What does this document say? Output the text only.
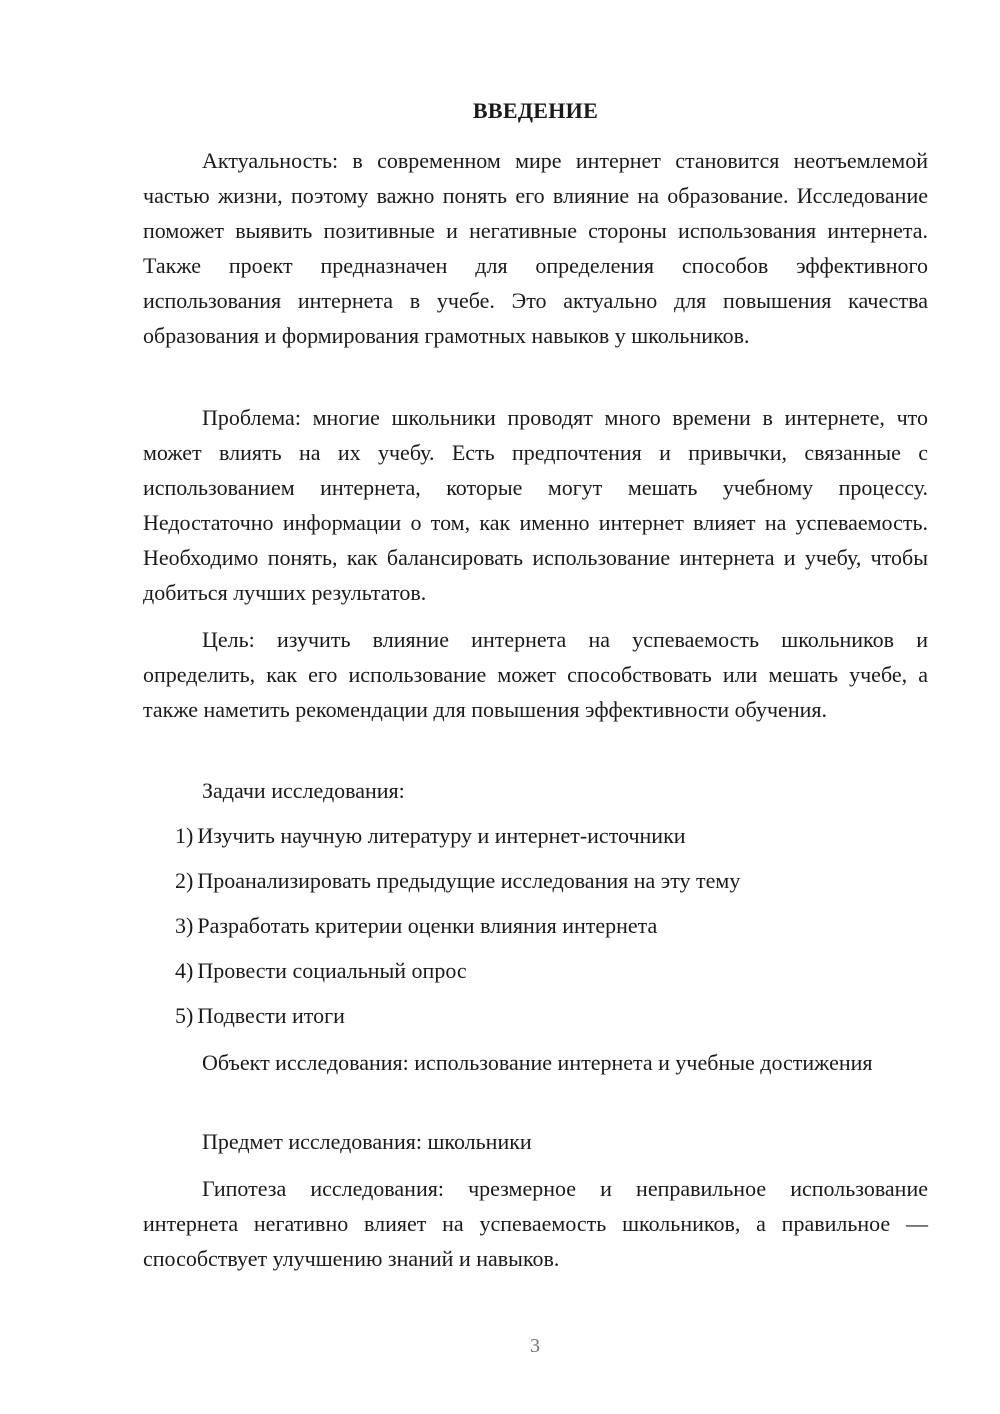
ВВЕДЕНИЕ

Актуальность: в современном мире интернет становится неотъемлемой частью жизни, поэтому важно понять его влияние на образование. Исследование поможет выявить позитивные и негативные стороны использования интернета. Также проект предназначен для определения способов эффективного использования интернета в учебе. Это актуально для повышения качества образования и формирования грамотных навыков у школьников.

Проблема: многие школьники проводят много времени в интернете, что может влиять на их учебу. Есть предпочтения и привычки, связанные с использованием интернета, которые могут мешать учебному процессу. Недостаточно информации о том, как именно интернет влияет на успеваемость. Необходимо понять, как балансировать использование интернета и учебу, чтобы добиться лучших результатов.

Цель: изучить влияние интернета на успеваемость школьников и определить, как его использование может способствовать или мешать учебе, а также наметить рекомендации для повышения эффективности обучения.

Задачи исследования:
1) Изучить научную литературу и интернет-источники
2) Проанализировать предыдущие исследования на эту тему
3) Разработать критерии оценки влияния интернета
4) Провести социальный опрос
5) Подвести итоги

Объект исследования: использование интернета и учебные достижения

Предмет исследования: школьники

Гипотеза исследования: чрезмерное и неправильное использование интернета негативно влияет на успеваемость школьников, а правильное — способствует улучшению знаний и навыков.

3
